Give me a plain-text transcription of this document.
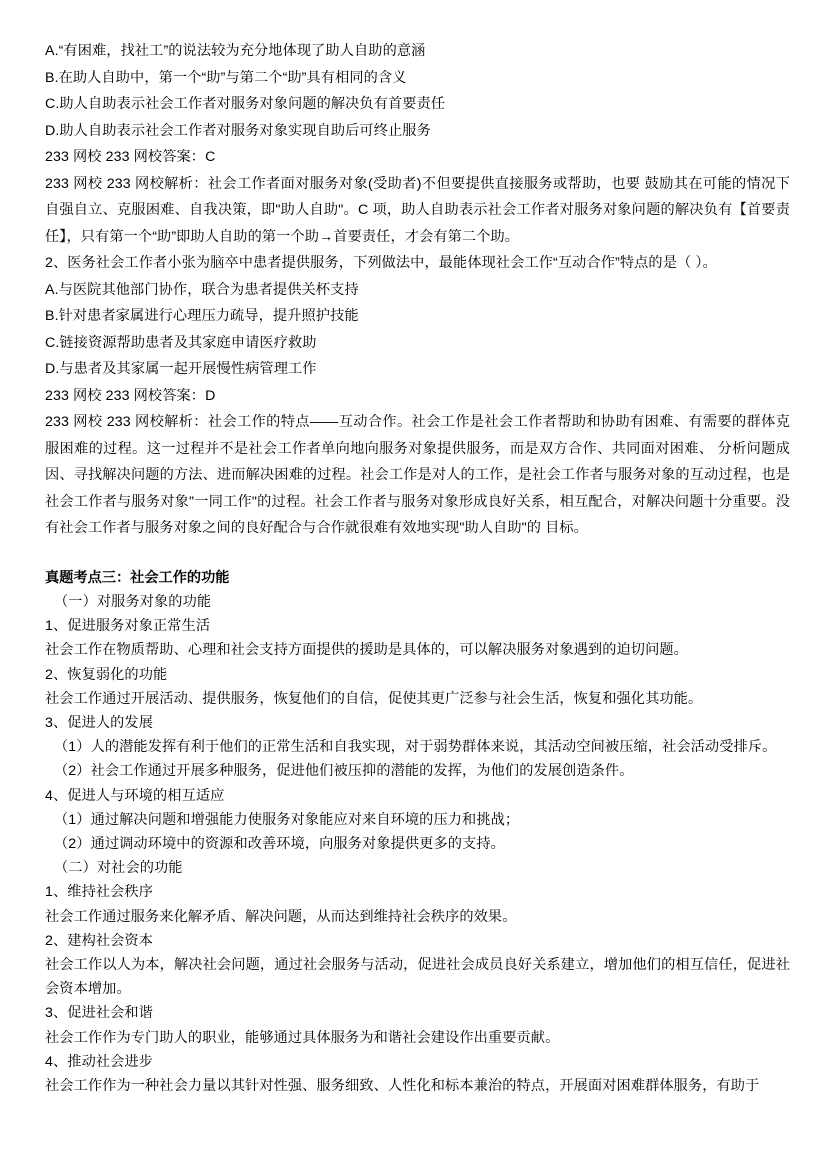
A.“有困难，找社工”的说法较为充分地体现了助人自助的意涵

B.在助人自助中，第一个“助”与第二个“助”具有相同的含义

C.助人自助表示社会工作者对服务对象问题的解决负有首要责任

D.助人自助表示社会工作者对服务对象实现自助后可终止服务

233 网校 233 网校答案：C

233 网校 233 网校解析：社会工作者面对服务对象(受助者)不但要提供直接服务或帮助，也要 鼓励其在可能的情况下自强自立、克服困难、自我决策，即"助人自助"。C 项，助人自助表示社会工作者对服务对象问题的解决负有【首要责任】，只有第一个“助”即助人自助的第一个助→首要责任，才会有第二个助。

2、医务社会工作者小张为脑卒中患者提供服务，下列做法中，最能体现社会工作“互动合作”特点的是（ ）。

A.与医院其他部门协作，联合为患者提供关杯支持

B.针对患者家属进行心理压力疏导，提升照护技能

C.链接资源帮助患者及其家庭申请医疗救助

D.与患者及其家属一起开展慢性病管理工作

233 网校 233 网校答案：D

233 网校 233 网校解析：社会工作的特点——互动合作。社会工作是社会工作者帮助和协助有困难、有需要的群体克服困难的过程。这一过程并不是社会工作者单向地向服务对象提供服务，而是双方合作、共同面对困难、 分析问题成因、寻找解决问题的方法、进而解决困难的过程。社会工作是对人的工作，是社会工作者与服务对象的互动过程，也是社会工作者与服务对象"一同工作"的过程。社会工作者与服务对象形成良好关系，相互配合，对解决问题十分重要。没有社会工作者与服务对象之间的良好配合与合作就很难有效地实现"助人自助"的 目标。

真题考点三：社会工作的功能

（一）对服务对象的功能

1、促进服务对象正常生活

社会工作在物质帮助、心理和社会支持方面提供的援助是具体的，可以解决服务对象遇到的迫切问题。

2、恢复弱化的功能

社会工作通过开展活动、提供服务，恢复他们的自信，促使其更广泛参与社会生活，恢复和强化其功能。

3、促进人的发展

（1）人的潜能发挥有利于他们的正常生活和自我实现，对于弱势群体来说，其活动空间被压缩，社会活动受排斥。

（2）社会工作通过开展多种服务，促进他们被压抑的潜能的发挥，为他们的发展创造条件。

4、促进人与环境的相互适应

（1）通过解决问题和增强能力使服务对象能应对来自环境的压力和挑战；

（2）通过调动环境中的资源和改善环境，向服务对象提供更多的支持。

（二）对社会的功能

1、维持社会秩序

社会工作通过服务来化解矛盾、解决问题，从而达到维持社会秩序的效果。

2、建构社会资本

社会工作以人为本，解决社会问题，通过社会服务与活动，促进社会成员良好关系建立，增加他们的相互信任，促进社会资本增加。

3、促进社会和谐

社会工作作为专门助人的职业，能够通过具体服务为和谐社会建设作出重要贡献。

4、推动社会进步

社会工作作为一种社会力量以其针对性强、服务细致、人性化和标本兼治的特点，开展面对困难群体服务，有助于
